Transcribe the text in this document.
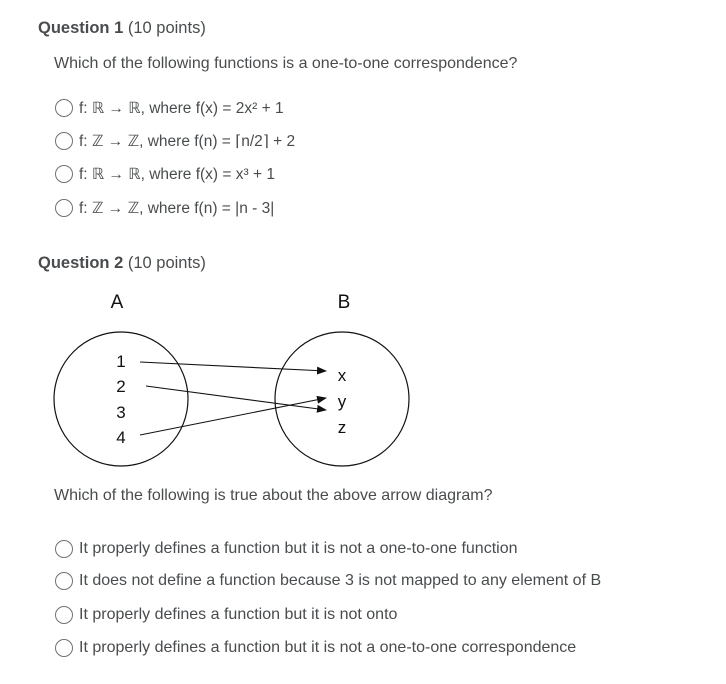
Question 1 (10 points)
Which of the following functions is a one-to-one correspondence?
f: ℝ → ℝ, where f(x) = 2x² + 1
f: ℤ → ℤ, where f(n) = ⌈n/2⌉ + 2
f: ℝ → ℝ, where f(x) = x³ + 1
f: ℤ → ℤ, where f(n) = |n - 3|
Question 2 (10 points)
A	B
1
2
3
4
x
y
z
Which of the following is true about the above arrow diagram?
It properly defines a function but it is not a one-to-one function
It does not define a function because 3 is not mapped to any element of B
It properly defines a function but it is not onto
It properly defines a function but it is not a one-to-one correspondence
